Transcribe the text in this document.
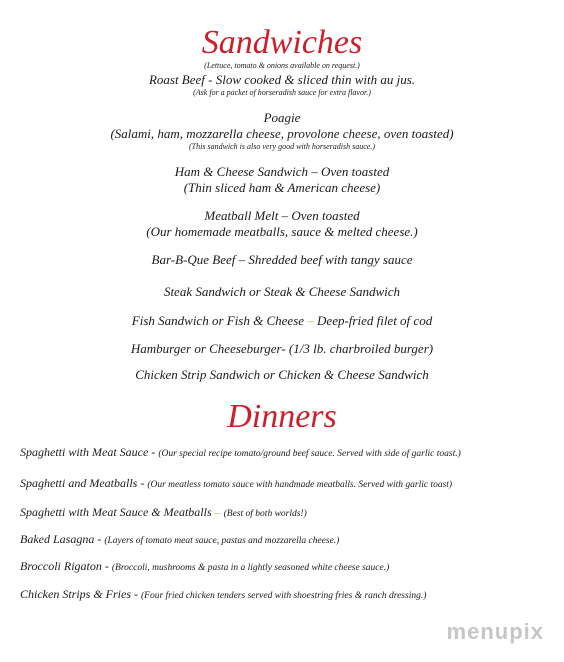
Sandwiches
(Lettuce, tomato & onions available on request.)
Roast Beef - Slow cooked & sliced thin with au jus.
(Ask for a packet of horseradish sauce for extra flavor.)
Poagie
(Salami, ham, mozzarella cheese, provolone cheese, oven toasted)
(This sandwich is also very good with horseradish sauce.)
Ham & Cheese Sandwich – Oven toasted
(Thin sliced ham & American cheese)
Meatball Melt – Oven toasted
(Our homemade meatballs, sauce & melted cheese.)
Bar-B-Que Beef – Shredded beef with tangy sauce
Steak Sandwich or Steak & Cheese Sandwich
Fish Sandwich or Fish & Cheese – Deep-fried filet of cod
Hamburger or Cheeseburger- (1/3 lb. charbroiled burger)
Chicken Strip Sandwich or Chicken & Cheese Sandwich
Dinners
Spaghetti with Meat Sauce - (Our special recipe tomato/ground beef sauce. Served with side of garlic toast.)
Spaghetti and Meatballs - (Our meatless tomato sauce with handmade meatballs. Served with garlic toast)
Spaghetti with Meat Sauce & Meatballs – (Best of both worlds!)
Baked Lasagna - (Layers of tomato meat sauce, pastas and mozzarella cheese.)
Broccoli Rigaton - (Broccoli, mushrooms & pasta in a lightly seasoned white cheese sauce.)
Chicken Strips & Fries - (Four fried chicken tenders served with shoestring fries & ranch dressing.)
menupix
